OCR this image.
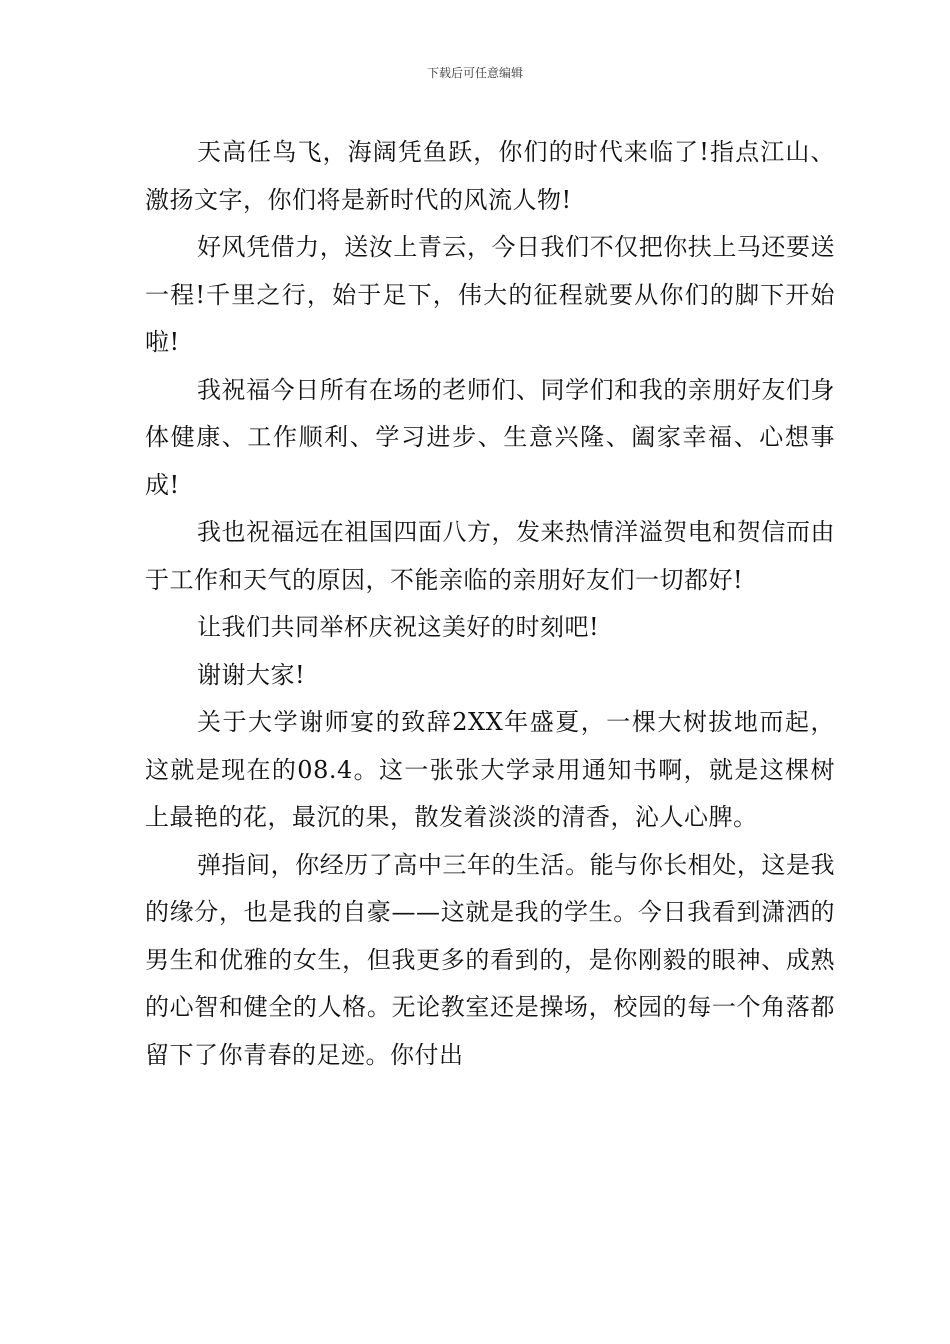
下载后可任意编辑

天高任鸟飞，海阔凭鱼跃，你们的时代来临了!指点江山、激扬文字，你们将是新时代的风流人物!

好风凭借力，送汝上青云，今日我们不仅把你扶上马还要送一程!千里之行，始于足下，伟大的征程就要从你们的脚下开始啦!

我祝福今日所有在场的老师们、同学们和我的亲朋好友们身体健康、工作顺利、学习进步、生意兴隆、阖家幸福、心想事成!

我也祝福远在祖国四面八方，发来热情洋溢贺电和贺信而由于工作和天气的原因，不能亲临的亲朋好友们一切都好!

让我们共同举杯庆祝这美好的时刻吧!

谢谢大家!

关于大学谢师宴的致辞2XX年盛夏，一棵大树拔地而起，这就是现在的08.4。这一张张大学录用通知书啊，就是这棵树上最艳的花，最沉的果，散发着淡淡的清香，沁人心脾。

弹指间，你经历了高中三年的生活。能与你长相处，这是我的缘分，也是我的自豪——这就是我的学生。今日我看到潇洒的男生和优雅的女生，但我更多的看到的，是你刚毅的眼神、成熟的心智和健全的人格。无论教室还是操场，校园的每一个角落都留下了你青春的足迹。你付出
